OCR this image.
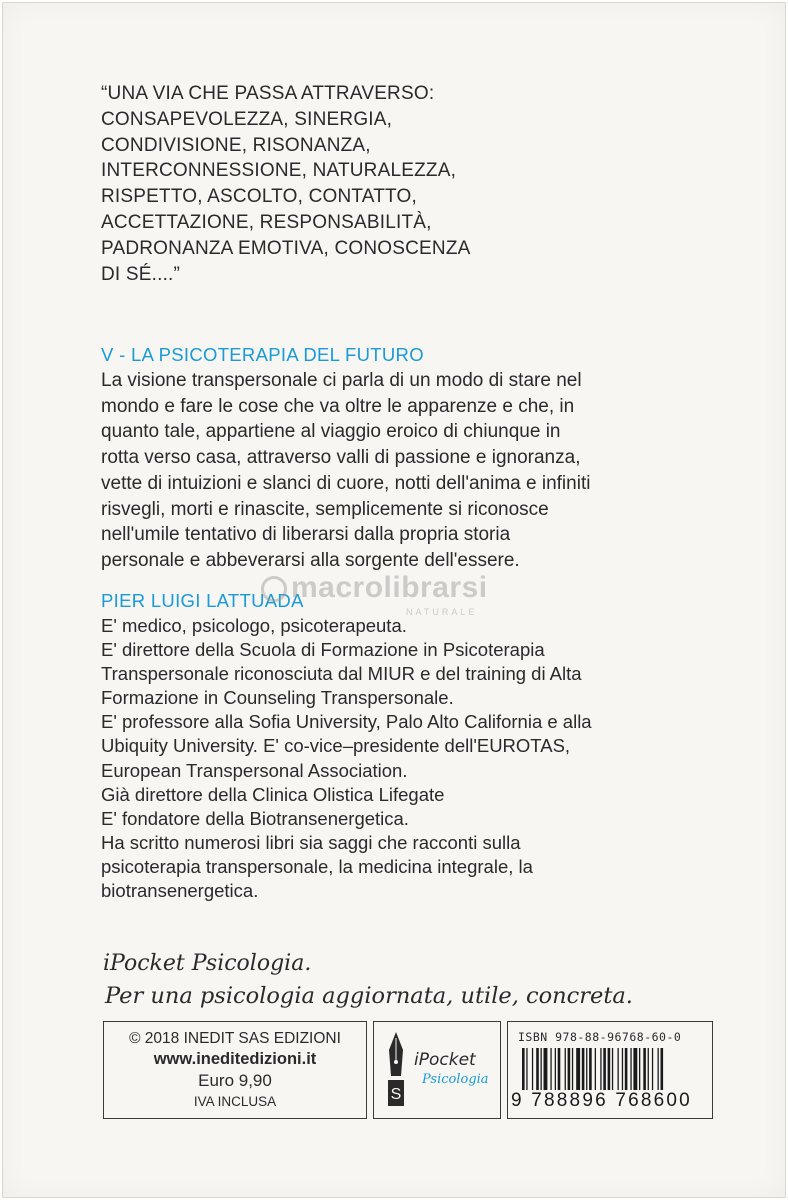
“UNA VIA CHE PASSA ATTRAVERSO:
CONSAPEVOLEZZA, SINERGIA,
CONDIVISIONE, RISONANZA,
INTERCONNESSIONE, NATURALEZZA,
RISPETTO, ASCOLTO, CONTATTO,
ACCETTAZIONE, RESPONSABILITÀ,
PADRONANZA EMOTIVA, CONOSCENZA
DI SÉ....”
V - LA PSICOTERAPIA DEL FUTURO
La visione transpersonale ci parla di un modo di stare nel
mondo e fare le cose che va oltre le apparenze e che, in
quanto tale, appartiene al viaggio eroico di chiunque in
rotta verso casa, attraverso valli di passione e ignoranza,
vette di intuizioni e slanci di cuore, notti dell'anima e infiniti
risvegli, morti e rinascite, semplicemente si riconosce
nell'umile tentativo di liberarsi dalla propria storia
personale e abbeverarsi alla sorgente dell'essere.
PIER LUIGI LATTUADA
E' medico, psicologo, psicoterapeuta.
E' direttore della Scuola di Formazione in Psicoterapia
Transpersonale riconosciuta dal MIUR e del training di Alta
Formazione in Counseling Transpersonale.
E' professore alla Sofia University, Palo Alto California e alla
Ubiquity University. E' co-vice–presidente dell'EUROTAS,
European Transpersonal Association.
Già direttore della Clinica Olistica Lifegate
E' fondatore della Biotransenergetica.
Ha scritto numerosi libri sia saggi che racconti sulla
psicoterapia transpersonale, la medicina integrale, la
biotransenergetica.
macrolibrarsi
NATURALE
iPocket Psicologia.
Per una psicologia aggiornata, utile, concreta.
© 2018 INEDIT SAS EDIZIONI
www.ineditedizioni.it
Euro 9,90
IVA INCLUSA	S
iPocket
Psicologia
ISBN 978-88-96768-60-0
9 788896 768600
